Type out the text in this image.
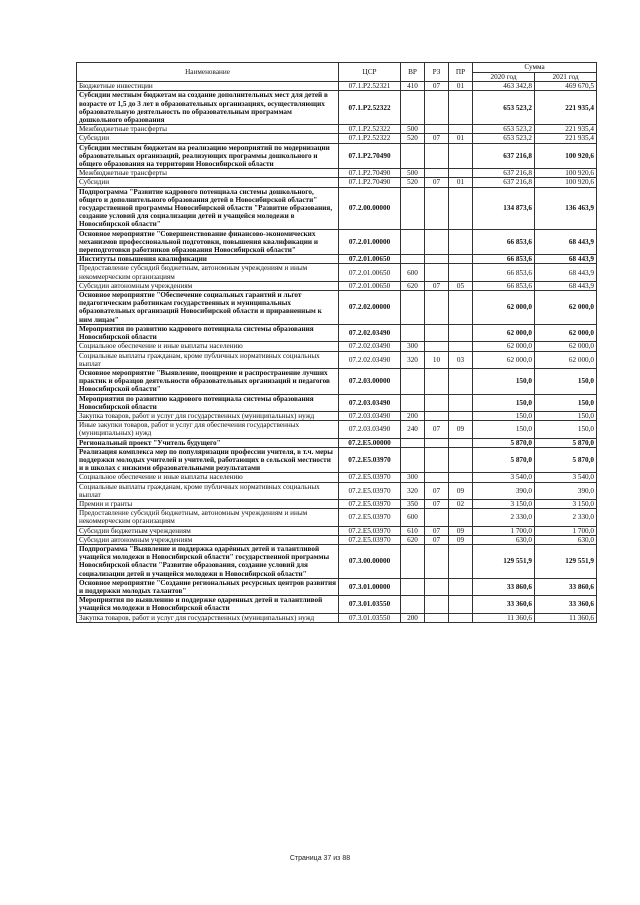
Наименование	ЦСР	ВР	РЗ	ПР	Сумма	
					2020 год	2021 год
Бюджетные инвестиции	07.1.P2.52321	410	07	01	463 342,8	469 670,5
Субсидии местным бюджетам на создание дополнительных мест для детей в возрасте от 1,5 до 3 лет в образовательных организациях, осуществляющих образовательную деятельность по образовательным программам дошкольного образования	07.1.P2.52322				653 523,2	221 935,4
Межбюджетные трансферты	07.1.P2.52322	500			653 523,2	221 935,4
Субсидии	07.1.P2.52322	520	07	01	653 523,2	221 935,4
Субсидии местным бюджетам на реализацию мероприятий по модернизации образовательных организаций, реализующих программы дошкольного и общего образования на территории Новосибирской области	07.1.P2.70490				637 216,8	100 920,6
Межбюджетные трансферты	07.1.P2.70490	500			637 216,8	100 920,6
Субсидии	07.1.P2.70490	520	07	01	637 216,8	100 920,6
Подпрограмма "Развитие кадрового потенциала системы дошкольного, общего и дополнительного образования детей в Новосибирской области" государственной программы Новосибирской области "Развитие образования, создание условий для социализации детей и учащейся молодежи в Новосибирской области"	07.2.00.00000				134 873,6	136 463,9
Основное мероприятие "Совершенствование финансово-экономических механизмов профессиональной подготовки, повышения квалификации и переподготовки работников образования Новосибирской области"	07.2.01.00000				66 853,6	68 443,9
Институты повышения квалификации	07.2.01.00650				66 853,6	68 443,9
Предоставление субсидий бюджетным, автономным учреждениям и иным некоммерческим организациям	07.2.01.00650	600			66 853,6	68 443,9
Субсидии автономным учреждениям	07.2.01.00650	620	07	05	66 853,6	68 443,9
Основное мероприятие "Обеспечение социальных гарантий и льгот педагогическим работникам государственных и муниципальных образовательных организаций Новосибирской области и приравненным к ним лицам"	07.2.02.00000				62 000,0	62 000,0
Мероприятия по развитию кадрового потенциала системы образования Новосибирской области	07.2.02.03490				62 000,0	62 000,0
Социальное обеспечение и иные выплаты населению	07.2.02.03490	300			62 000,0	62 000,0
Социальные выплаты гражданам, кроме публичных нормативных социальных выплат	07.2.02.03490	320	10	03	62 000,0	62 000,0
Основное мероприятие "Выявление, поощрение и распространение лучших практик и образцов деятельности образовательных организаций и педагогов Новосибирской области"	07.2.03.00000				150,0	150,0
Мероприятия по развитию кадрового потенциала системы образования Новосибирской области	07.2.03.03490				150,0	150,0
Закупка товаров, работ и услуг для государственных (муниципальных) нужд	07.2.03.03490	200			150,0	150,0
Иные закупки товаров, работ и услуг для обеспечения государственных (муниципальных) нужд	07.2.03.03490	240	07	09	150,0	150,0
Региональный проект "Учитель будущего"	07.2.E5.00000				5 870,0	5 870,0
Реализация комплекса мер по популяризации профессии учителя, в т.ч. меры поддержки молодых учителей и учителей, работающих в сельской местности и в школах с низкими образовательными результатами	07.2.E5.03970				5 870,0	5 870,0
Социальное обеспечение и иные выплаты населению	07.2.E5.03970	300			3 540,0	3 540,0
Социальные выплаты гражданам, кроме публичных нормативных социальных выплат	07.2.E5.03970	320	07	09	390,0	390,0
Премии и гранты	07.2.E5.03970	350	07	02	3 150,0	3 150,0
Предоставление субсидий бюджетным, автономным учреждениям и иным некоммерческим организациям	07.2.E5.03970	600			2 330,0	2 330,0
Субсидии бюджетным учреждениям	07.2.E5.03970	610	07	09	1 700,0	1 700,0
Субсидии автономным учреждениям	07.2.E5.03970	620	07	09	630,0	630,0
Подпрограмма "Выявление и поддержка одарённых детей и талантливой учащейся молодежи в Новосибирской области" государственной программы Новосибирской области "Развитие образования, создание условий для социализации детей и учащейся молодежи в Новосибирской области"	07.3.00.00000				129 551,9	129 551,9
Основное мероприятие "Создание региональных ресурсных центров развития и поддержки молодых талантов"	07.3.01.00000				33 860,6	33 860,6
Мероприятия по выявлению и поддержке одаренных детей и талантливой учащейся молодежи в Новосибирской области	07.3.01.03550				33 360,6	33 360,6
Закупка товаров, работ и услуг для государственных (муниципальных) нужд	07.3.01.03550	200			11 360,6	11 360,6
Страница 37 из 88
